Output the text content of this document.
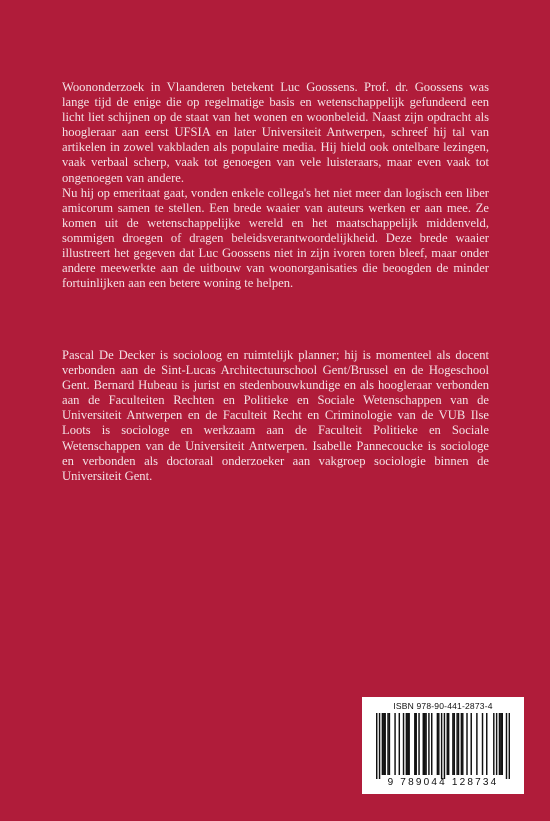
Woononderzoek in Vlaanderen betekent Luc Goossens. Prof. dr. Goossens was lange tijd de enige die op regelmatige basis en wetenschappelijk gefundeerd een licht liet schijnen op de staat van het wonen en woonbeleid. Naast zijn opdracht als hoogleraar aan eerst UFSIA en later Universiteit Antwerpen, schreef hij tal van artikelen in zowel vakbladen als populaire media. Hij hield ook ontelbare lezingen, vaak verbaal scherp, vaak tot genoegen van vele luisteraars, maar even vaak tot ongenoegen van andere.

Nu hij op emeritaat gaat, vonden enkele collega's het niet meer dan logisch een liber amicorum samen te stellen. Een brede waaier van auteurs werken er aan mee. Ze komen uit de wetenschappelijke wereld en het maatschappelijk middenveld, sommigen droegen of dragen beleidsverantwoordelijkheid. Deze brede waaier illustreert het gegeven dat Luc Goossens niet in zijn ivoren toren bleef, maar onder andere meewerkte aan de uitbouw van woonorganisaties die beoogden de minder fortuinlijken aan een betere woning te helpen.

Pascal De Decker is socioloog en ruimtelijk planner; hij is momenteel als docent verbonden aan de Sint-Lucas Architectuurschool Gent/Brussel en de Hogeschool Gent. Bernard Hubeau is jurist en stedenbouwkundige en als hoogleraar verbonden aan de Faculteiten Rechten en Politieke en Sociale Wetenschappen van de Universiteit Antwerpen en de Faculteit Recht en Criminologie van de VUB Ilse Loots is sociologe en werkzaam aan de Faculteit Politieke en Sociale Wetenschappen van de Universiteit Antwerpen. Isabelle Pannecoucke is sociologe en verbonden als doctoraal onderzoeker aan vakgroep sociologie binnen de Universiteit Gent.

ISBN 978-90-441-2873-4
9 789044 128734
